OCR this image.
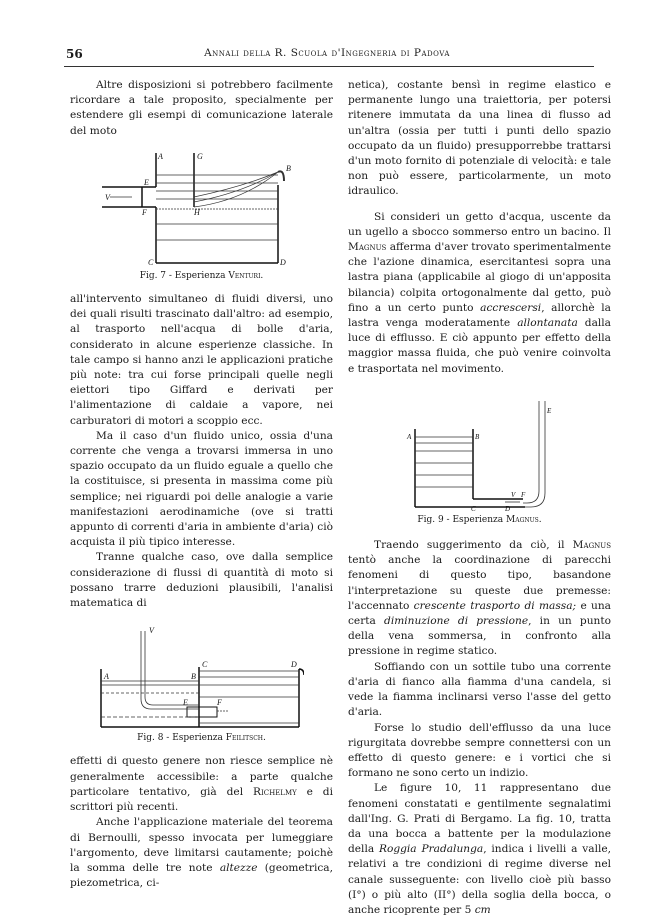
56	Annali della R. Scuola d'Ingegneria di Padova

Altre disposizioni si potrebbero facilmente ricordare a tale proposito, specialmente per estendere gli esempi di comunicazione laterale del moto

A	G
B
E
F	H
V
C	D
Fig. 7 - Esperienza Venturi.

all'intervento simultaneo di fluidi diversi, uno dei quali risulti trascinato dall'altro: ad esempio, al trasporto nell'acqua di bolle d'aria, considerato in alcune esperienze classiche. In tale campo si hanno anzi le applicazioni pratiche più note: tra cui forse principali quelle negli eiettori tipo Giffard e derivati per l'alimentazione di caldaie a vapore, nei carburatori di motori a scoppio ecc.

Ma il caso d'un fluido unico, ossia d'una corrente che venga a trovarsi immersa in uno spazio occupato da un fluido eguale a quello che la costituisce, si presenta in massima come più semplice; nei riguardi poi delle analogie a varie manifestazioni aerodinamiche (ove si tratti appunto di correnti d'aria in ambiente d'aria) ciò acquista il più tipico interesse.

Tranne qualche caso, ove dalla semplice considerazione di flussi di quantità di moto si possano trarre deduzioni plausibili, l'analisi matematica di

V
A	B
C	D
E	F
Fig. 8 - Esperienza Feilitsch.

effetti di questo genere non riesce semplice nè generalmente accessibile: a parte qualche particolare tentativo, già del Richelmy e di scrittori più recenti.

Anche l'applicazione materiale del teorema di Bernoulli, spesso invocata per lumeggiare l'argomento, deve limitarsi cautamente; poichè la somma delle tre note altezze (geometrica, piezometrica, ci-

netica), costante bensì in regime elastico e permanente lungo una traiettoria, per potersi ritenere immutata da una linea di flusso ad un'altra (ossia per tutti i punti dello spazio occupato da un fluido) presupporrebbe trattarsi d'un moto fornito di potenziale di velocità: e tale non può essere, particolarmente, un moto idraulico.

Si consideri un getto d'acqua, uscente da un ugello a sbocco sommerso entro un bacino. Il Magnus afferma d'aver trovato sperimentalmente che l'azione dinamica, esercitantesi sopra una lastra piana (applicabile al giogo di un'apposita bilancia) colpita ortogonalmente dal getto, può fino a un certo punto accrescersi, allorchè la lastra venga moderatamente allontanata dalla luce di efflusso. E ciò appunto per effetto della maggior massa fluida, che può venire coinvolta e trasportata nel movimento.

A	B
C	D
E
F
V
Fig. 9 - Esperienza Magnus.

Traendo suggerimento da ciò, il Magnus tentò anche la coordinazione di parecchi fenomeni di questo tipo, basandone l'interpretazione su queste due premesse: l'accennato crescente trasporto di massa; e una certa diminuzione di pressione, in un punto della vena sommersa, in confronto alla pressione in regime statico.

Soffiando con un sottile tubo una corrente d'aria di fianco alla fiamma d'una candela, si vede la fiamma inclinarsi verso l'asse del getto d'aria.

Forse lo studio dell'efflusso da una luce rigurgitata dovrebbe sempre connettersi con un effetto di questo genere: e i vortici che si formano ne sono certo un indizio.

Le figure 10, 11 rappresentano due fenomeni constatati e gentilmente segnalatimi dall'Ing. G. Prati di Bergamo. La fig. 10, tratta da una bocca a battente per la modulazione della Roggia Pradalunga, indica i livelli a valle, relativi a tre condizioni di regime diverse nel canale susseguente: con livello cioè più basso (I°) o più alto (II°) della soglia della bocca, o anche ricoprente per 5 cm
